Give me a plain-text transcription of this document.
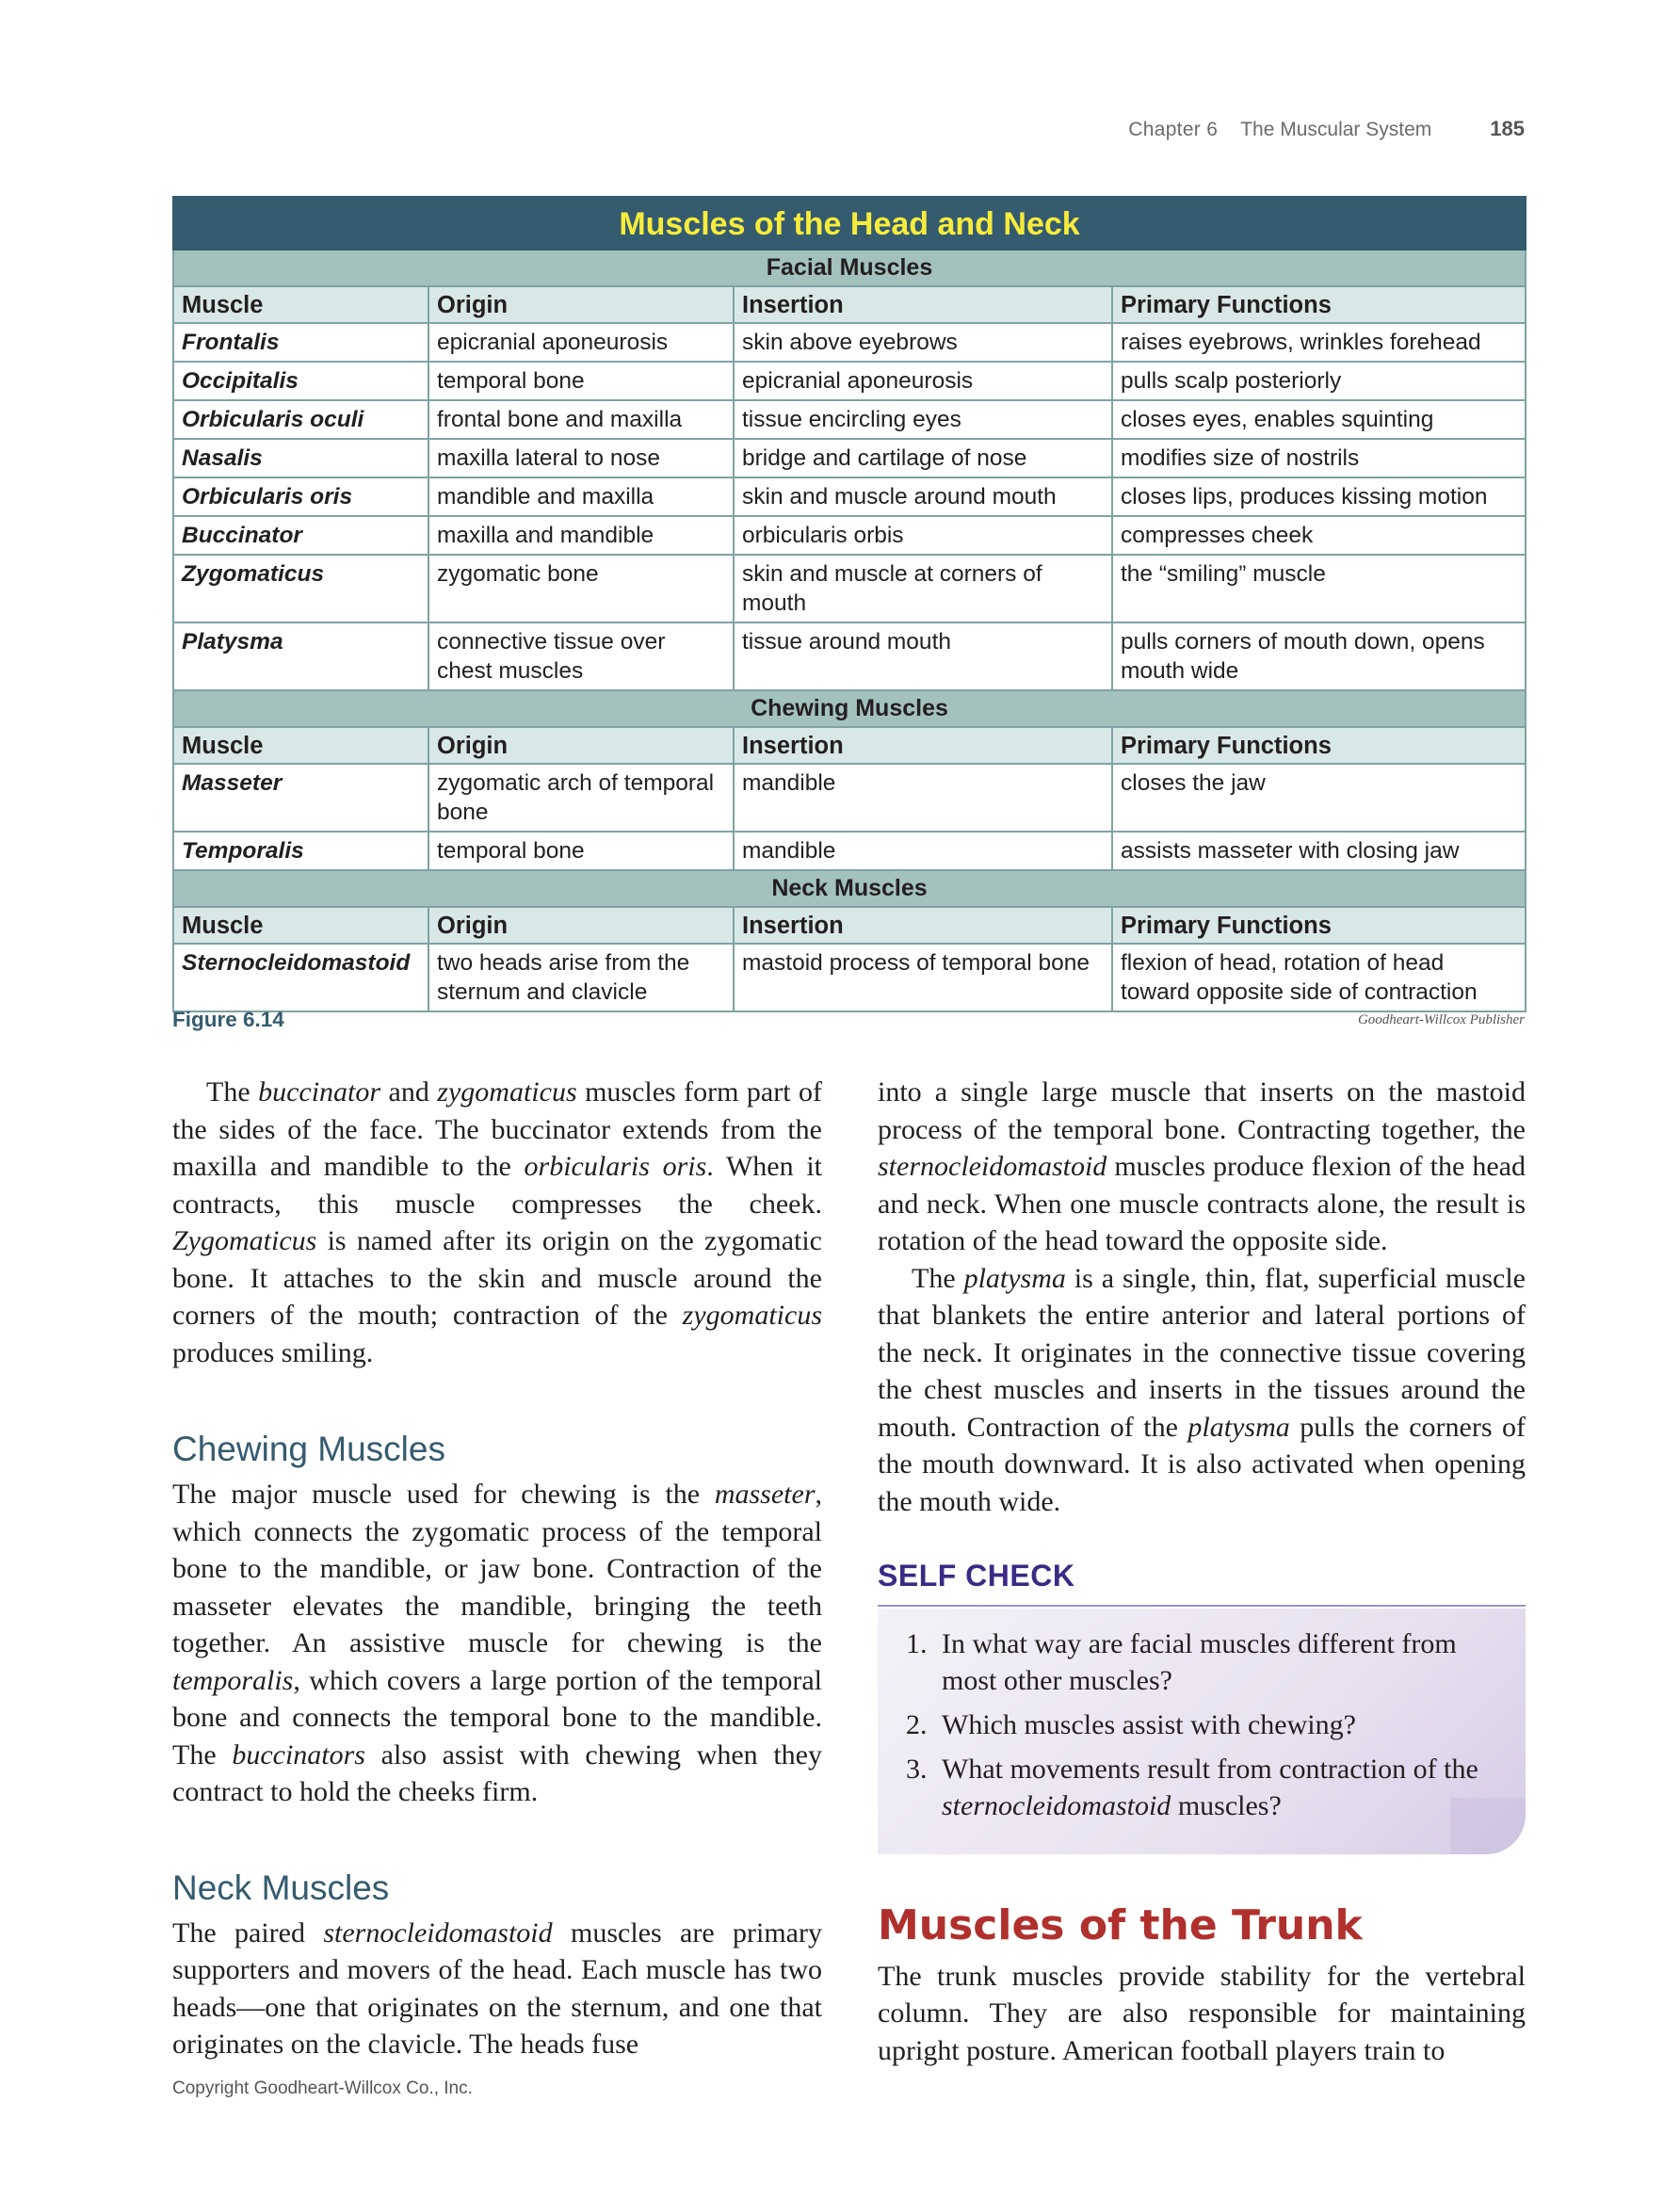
Chapter 6 The Muscular System	185
Muscles of the Head and Neck			
Facial Muscles			
Muscle	Origin	Insertion	Primary Functions
Frontalis	epicranial aponeurosis	skin above eyebrows	raises eyebrows, wrinkles forehead
Occipitalis	temporal bone	epicranial aponeurosis	pulls scalp posteriorly
Orbicularis oculi	frontal bone and maxilla	tissue encircling eyes	closes eyes, enables squinting
Nasalis	maxilla lateral to nose	bridge and cartilage of nose	modifies size of nostrils
Orbicularis oris	mandible and maxilla	skin and muscle around mouth	closes lips, produces kissing motion
Buccinator	maxilla and mandible	orbicularis orbis	compresses cheek
Zygomaticus	zygomatic bone	skin and muscle at corners of mouth	the “smiling” muscle
Platysma	connective tissue over chest muscles	tissue around mouth	pulls corners of mouth down, opens mouth wide
Chewing Muscles			
Muscle	Origin	Insertion	Primary Functions
Masseter	zygomatic arch of temporal bone	mandible	closes the jaw
Temporalis	temporal bone	mandible	assists masseter with closing jaw
Neck Muscles			
Muscle	Origin	Insertion	Primary Functions
Sternocleidomastoid	two heads arise from the sternum and clavicle	mastoid process of temporal bone	flexion of head, rotation of head toward opposite side of contraction
Figure 6.14	Goodheart-Willcox Publisher

The buccinator and zygomaticus muscles form part of the sides of the face. The buccinator extends from the maxilla and mandible to the orbicularis oris. When it contracts, this muscle compresses the cheek. Zygomaticus is named after its origin on the zygomatic bone. It attaches to the skin and muscle around the corners of the mouth; contraction of the zygomaticus produces smiling.

Chewing Muscles

The major muscle used for chewing is the masseter, which connects the zygomatic process of the temporal bone to the mandible, or jaw bone. Contraction of the masseter elevates the mandible, bringing the teeth together. An assistive muscle for chewing is the temporalis, which covers a large portion of the temporal bone and connects the temporal bone to the mandible. The buccinators also assist with chewing when they contract to hold the cheeks firm.

Neck Muscles

The paired sternocleidomastoid muscles are primary supporters and movers of the head. Each muscle has two heads—one that originates on the sternum, and one that originates on the clavicle. The heads fuse

into a single large muscle that inserts on the mastoid process of the temporal bone. Contracting together, the sternocleidomastoid muscles produce flexion of the head and neck. When one muscle contracts alone, the result is rotation of the head toward the opposite side.

The platysma is a single, thin, flat, superficial muscle that blankets the entire anterior and lateral portions of the neck. It originates in the connective tissue covering the chest muscles and inserts in the tissues around the mouth. Contraction of the platysma pulls the corners of the mouth downward. It is also activated when opening the mouth wide.

SELF CHECK
1. In what way are facial muscles different from most other muscles?
2. Which muscles assist with chewing?
3. What movements result from contraction of the sternocleidomastoid muscles?
Muscles of the Trunk

The trunk muscles provide stability for the vertebral column. They are also responsible for maintaining upright posture. American football players train to

Copyright Goodheart-Willcox Co., Inc.
